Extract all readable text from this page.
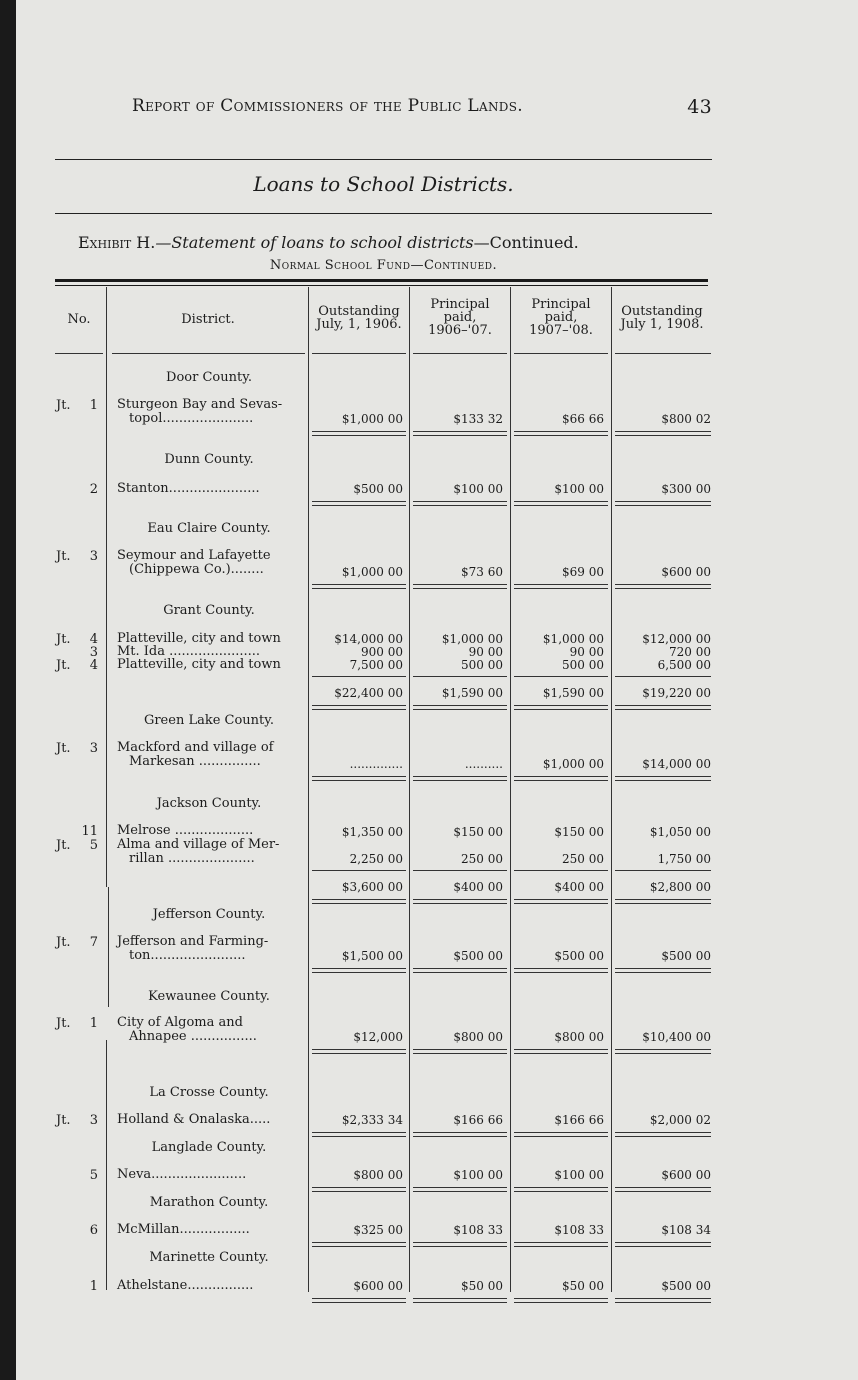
Report of Commissioners of the Public Lands.	43
Loans to School Districts.
Exhibit H.—Statement of loans to school districts—Continued.
Normal School Fund—Continued.
No.	District.
Outstanding
July, 1, 1906.
Principal
paid,
1906–'07.
Principal
paid,
1907–'08.
Outstanding
July 1, 1908.
Door County.
Jt. 1 Sturgeon Bay and Sevas-
topol......................	$1,000 00	$133 32	$66 66	$800 02
Dunn County.
2 Stanton......................	$500 00	$100 00	$100 00	$300 00
Eau Claire County.
Jt. 3 Seymour and Lafayette
(Chippewa Co.)........	$1,000 00	$73 60	$69 00	$600 00
Grant County.
Jt. 4 Platteville, city and town	$14,000 00	$1,000 00	$1,000 00	$12,000 00
3 Mt. Ida ......................	900 00	90 00	90 00	720 00
Jt. 4 Platteville, city and town	7,500 00	500 00	500 00	6,500 00
$22,400 00	$1,590 00	$1,590 00	$19,220 00
Green Lake County.
Jt. 3 Mackford and village of
Markesan ...............	..............	..........	$1,000 00	$14,000 00
Jackson County.
11 Melrose ...................	$1,350 00	$150 00	$150 00	$1,050 00
Jt. 5 Alma and village of Mer-
rillan .....................	2,250 00	250 00	250 00	1,750 00
$3,600 00	$400 00	$400 00	$2,800 00
Jefferson County.
Jt. 7 Jefferson and Farming-
ton.......................	$1,500 00	$500 00	$500 00	$500 00
Kewaunee County.
Jt. 1 City of Algoma and
Ahnapee ................	$12,000	$800 00	$800 00	$10,400 00
La Crosse County.
Jt. 3 Holland & Onalaska.....	$2,333 34	$166 66	$166 66	$2,000 02
Langlade County.
5 Neva.......................	$800 00	$100 00	$100 00	$600 00
Marathon County.
6 McMillan.................	$325 00	$108 33	$108 33	$108 34
Marinette County.
1 Athelstane................	$600 00	$50 00	$50 00	$500 00
